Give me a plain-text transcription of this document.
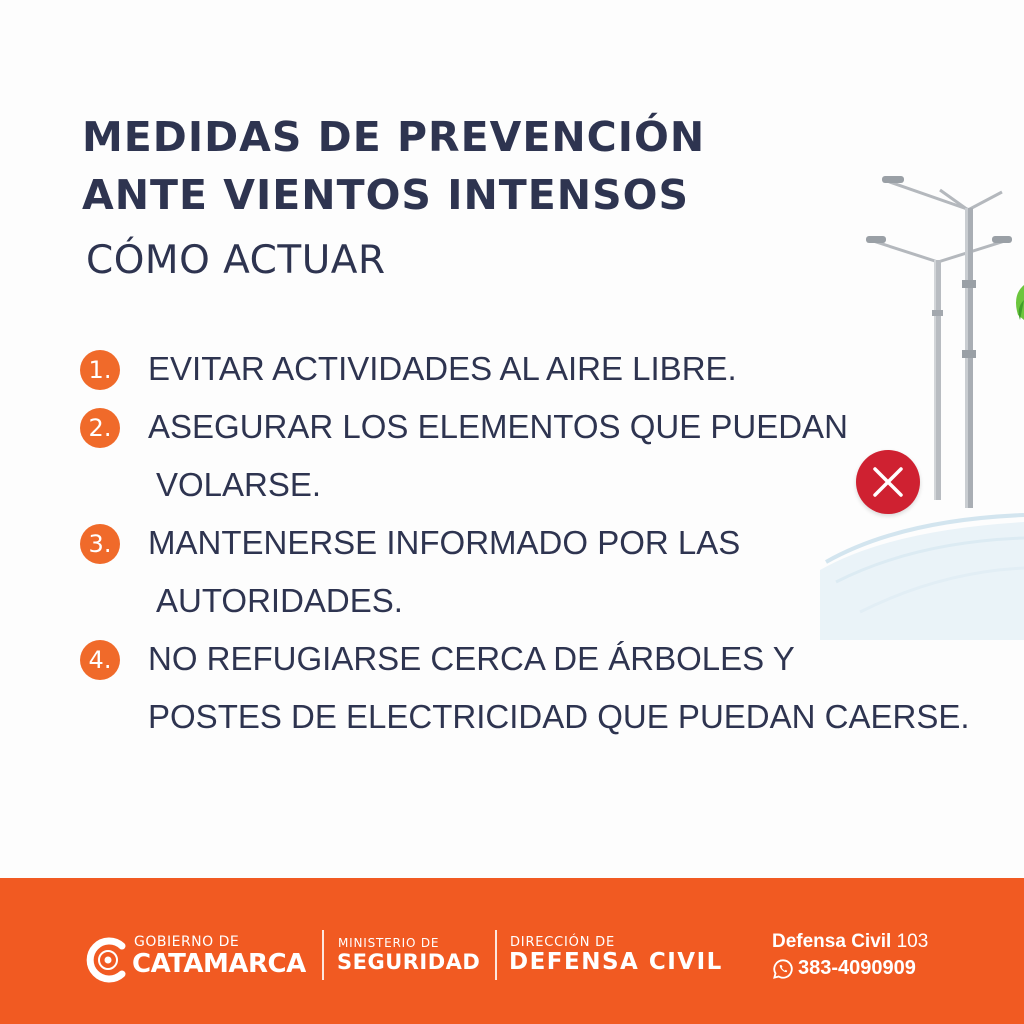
MEDIDAS DE PREVENCIÓN
ANTE VIENTOS INTENSOS
CÓMO ACTUAR
1. EVITAR ACTIVIDADES AL AIRE LIBRE.
2. ASEGURAR LOS ELEMENTOS QUE PUEDAN
VOLARSE.
3. MANTENERSE INFORMADO POR LAS
AUTORIDADES.
4. NO REFUGIARSE CERCA DE ÁRBOLES Y
POSTES DE ELECTRICIDAD QUE PUEDAN CAERSE.
GOBIERNO DE
CATAMARCA
MINISTERIO DE
SEGURIDAD
DIRECCIÓN DE
DEFENSA CIVIL
Defensa Civil 103
383-4090909
